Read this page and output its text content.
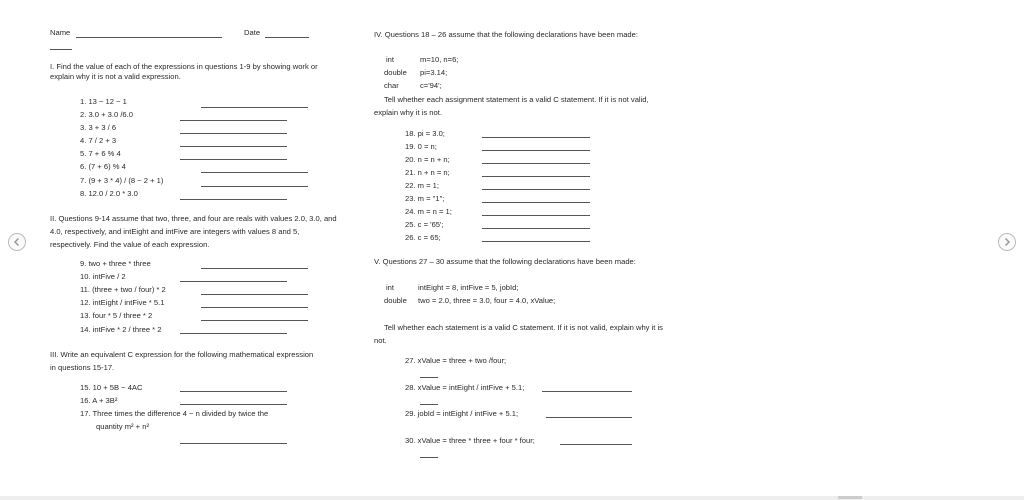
Name	Date
I. Find the value of each of the expressions in questions 1-9 by showing work or explain why it is not a valid expression.
1. 13 − 12 − 1
2. 3.0 + 3.0 /6.0
3. 3 + 3 / 6
4. 7 / 2 + 3
5. 7 + 6 % 4
6. (7 + 6) % 4
7. (9 + 3 * 4) / (8 − 2 + 1)
8. 12.0 / 2.0 * 3.0
II. Questions 9-14 assume that two, three, and four are reals with values 2.0, 3.0, and 4.0, respectively, and intEight and intFive are integers with values 8 and 5, respectively. Find the value of each expression.
9. two + three * three
10. intFive / 2
11. (three + two / four) * 2
12. intEight / intFive * 5.1
13. four * 5 / three * 2
14. intFive * 2 / three * 2
III. Write an equivalent C expression for the following mathematical expression in questions 15-17.
15. 10 + 5B − 4AC
16. A + 3B²
17. Three times the difference 4 − n divided by twice the
quantity m² + n²
IV. Questions 18 – 26 assume that the following declarations have been made:
int	m=10, n=6;
double pi=3.14;
char	c='94';
Tell whether each assignment statement is a valid C statement. If it is not valid, explain why it is not.
18. pi = 3.0;
19. 0 = n;
20. n = n + n;
21. n + n = n;
22. m = 1;
23. m = "1";
24. m = n = 1;
25. c = '65';
26. c = 65;
V. Questions 27 – 30 assume that the following declarations have been made:
int	intEight = 8, intFive = 5, jobId;
double two = 2.0, three = 3.0, four = 4.0, xValue;
Tell whether each statement is a valid C statement. If it is not valid, explain why it is not.
27. xValue = three + two /four;
28. xValue = intEight / intFive + 5.1;
29. jobId = intEight / intFive + 5.1;
30. xValue = three * three + four * four;
